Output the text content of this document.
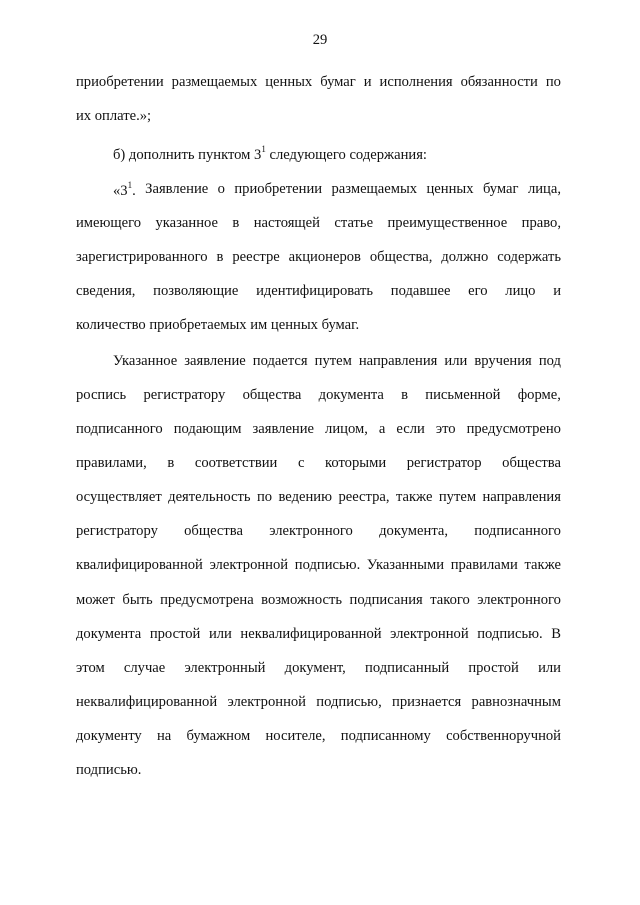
29
приобретении размещаемых ценных бумаг и исполнения обязанности по
их оплате.»;
б) дополнить пунктом $3^1$ следующего содержания:
«$3^1$. Заявление о приобретении размещаемых ценных бумаг лица,
имеющего указанное в настоящей статье преимущественное право,
зарегистрированного в реестре акционеров общества, должно содержать
сведения, позволяющие идентифицировать подавшее его лицо и
количество приобретаемых им ценных бумаг.
Указанное заявление подается путем направления или вручения под
роспись регистратору общества документа в письменной форме,
подписанного подающим заявление лицом, а если это предусмотрено
правилами, в соответствии с которыми регистратор общества
осуществляет деятельность по ведению реестра, также путем направления
регистратору общества электронного документа, подписанного
квалифицированной электронной подписью. Указанными правилами также
может быть предусмотрена возможность подписания такого электронного
документа простой или неквалифицированной электронной подписью. В
этом случае электронный документ, подписанный простой или
неквалифицированной электронной подписью, признается равнозначным
документу на бумажном носителе, подписанному собственноручной
подписью.
